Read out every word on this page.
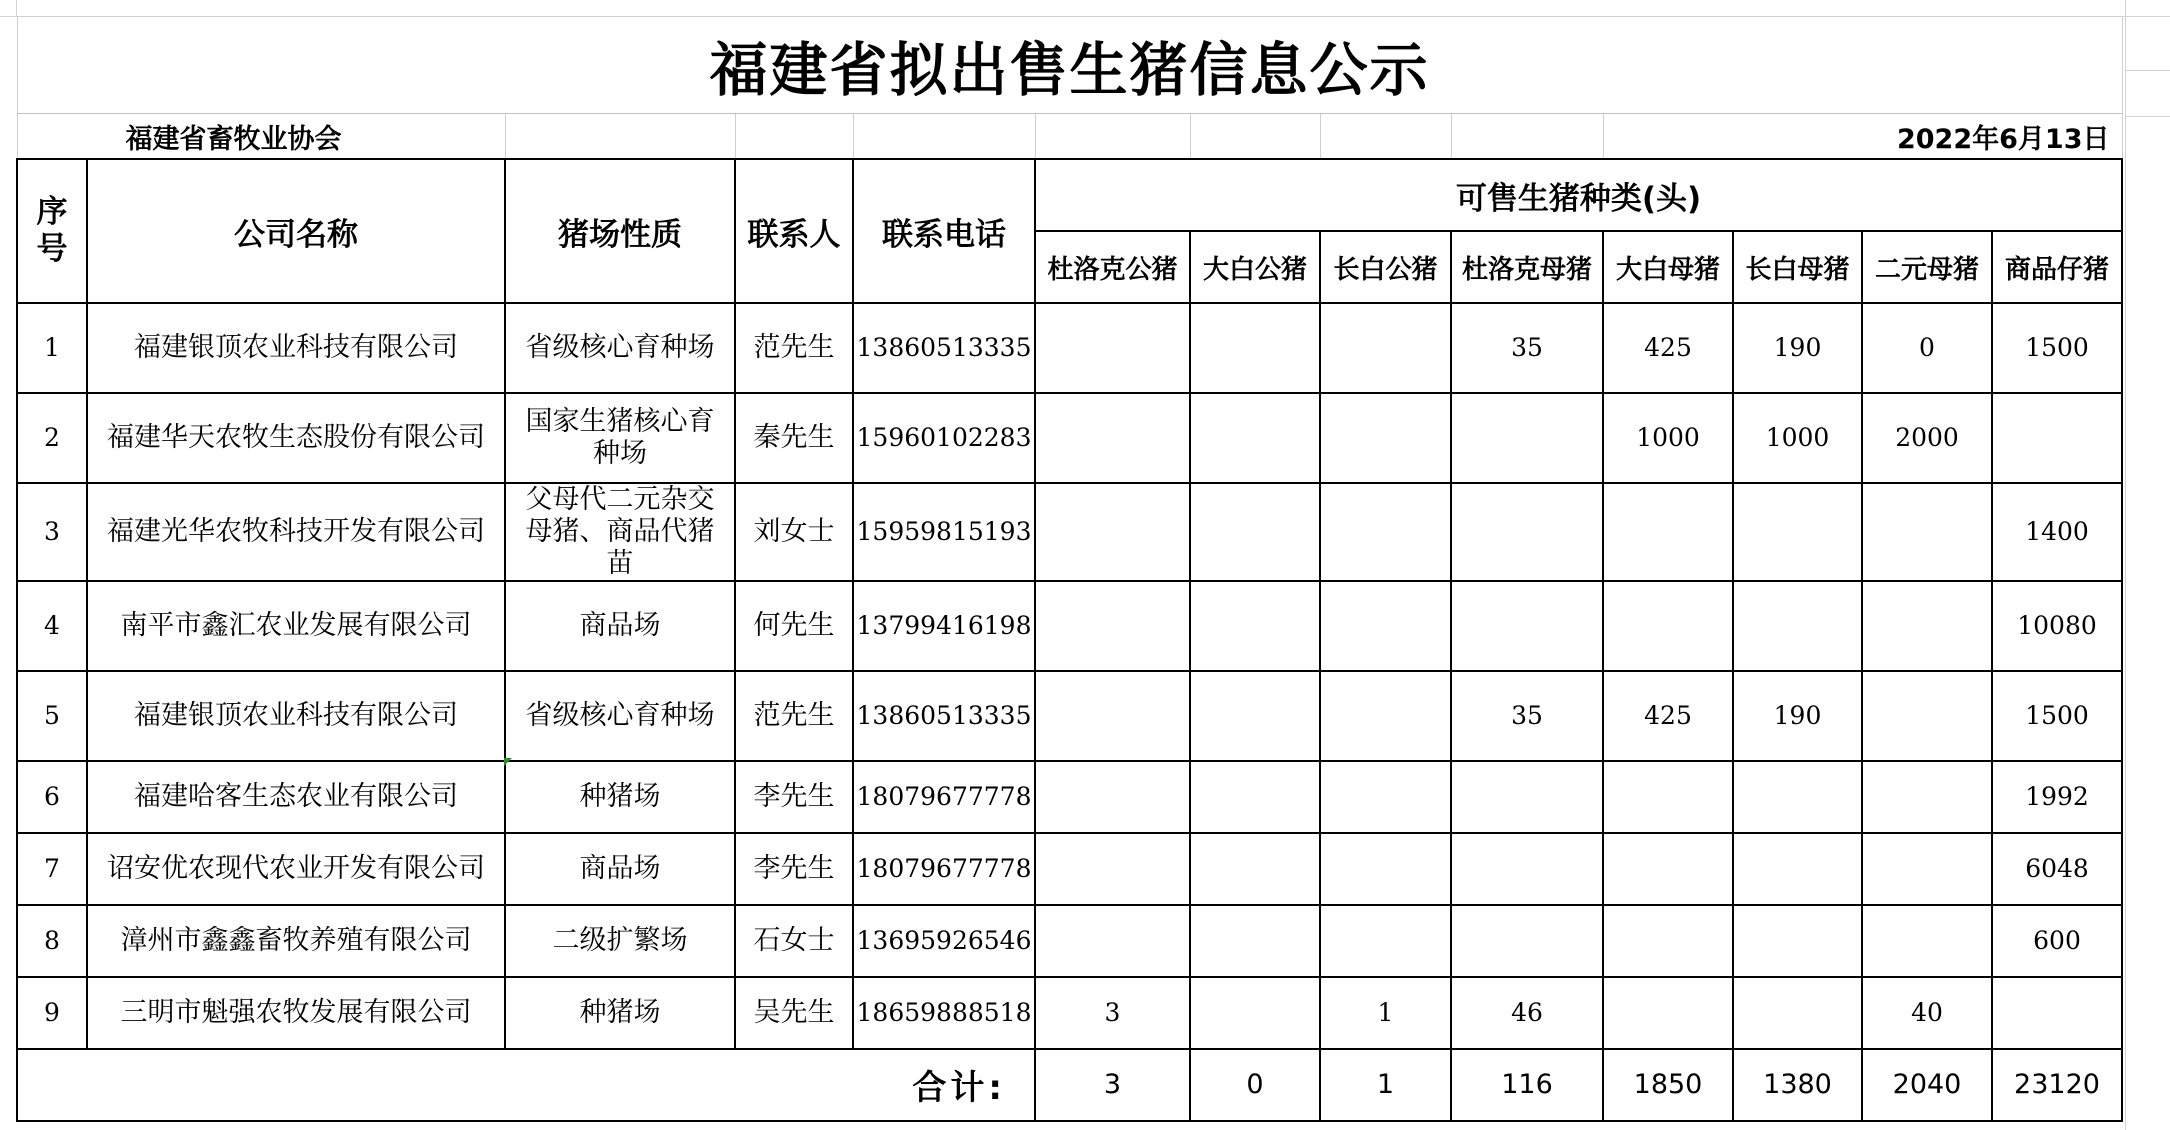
福建省拟出售生猪信息公示												
福建省畜牧业协会									2022年6月13日			
序号	公司名称	猪场性质	联系人	联系电话	可售生猪种类(头)							
					杜洛克公猪	大白公猪	长白公猪	杜洛克母猪	大白母猪	长白母猪	二元母猪	商品仔猪
1	福建银顶农业科技有限公司	省级核心育种场	范先生	13860513335				35	425	190	0	1500
2	福建华天农牧生态股份有限公司	国家生猪核心育种场	秦先生	15960102283					1000	1000	2000	
3	福建光华农牧科技开发有限公司	父母代二元杂交母猪、商品代猪苗	刘女士	15959815193								1400
4	南平市鑫汇农业发展有限公司	商品场	何先生	13799416198								10080
5	福建银顶农业科技有限公司	省级核心育种场	范先生	13860513335				35	425	190		1500
6	福建哈客生态农业有限公司	种猪场	李先生	18079677778								1992
7	诏安优农现代农业开发有限公司	商品场	李先生	18079677778								6048
8	漳州市鑫鑫畜牧养殖有限公司	二级扩繁场	石女士	13695926546								600
9	三明市魁强农牧发展有限公司	种猪场	吴先生	18659888518	3		1	46			40	
合计:					3	0	1	116	1850	1380	2040	23120
